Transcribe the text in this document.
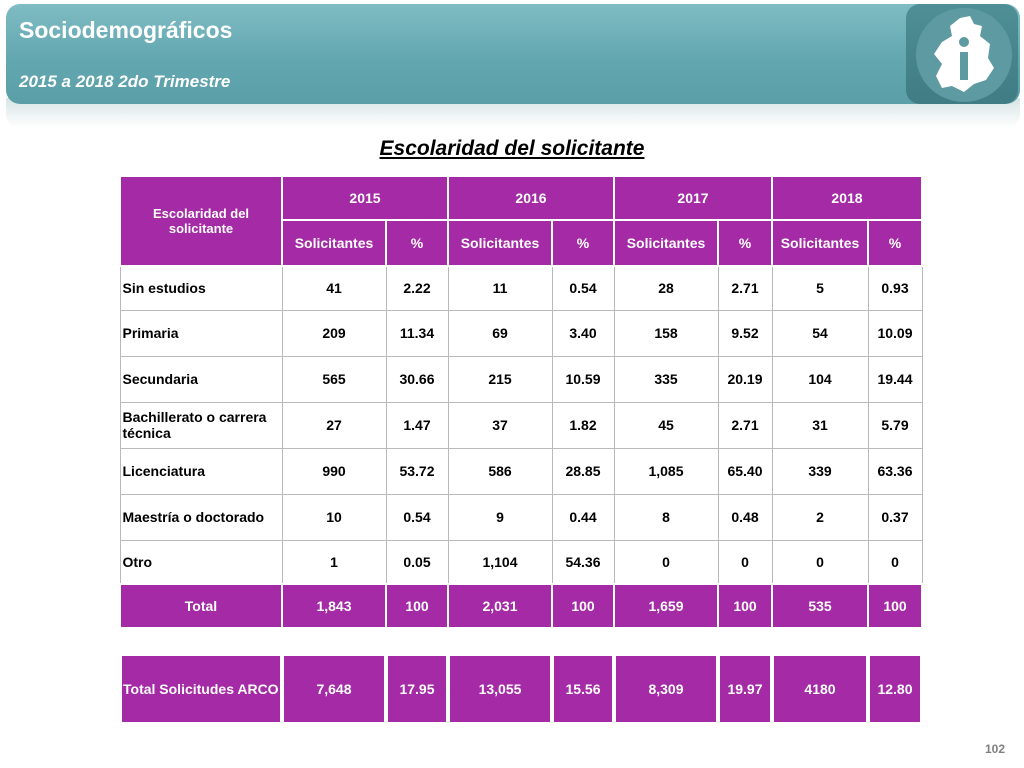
Sociodemográficos
2015 a 2018 2do Trimestre
Escolaridad del solicitante
Escolaridad del solicitante	2015		2016		2017		2018	
	Solicitantes	%	Solicitantes	%	Solicitantes	%	Solicitantes	%
Sin estudios	41	2.22	11	0.54	28	2.71	5	0.93
Primaria	209	11.34	69	3.40	158	9.52	54	10.09
Secundaria	565	30.66	215	10.59	335	20.19	104	19.44
Bachillerato o carrera técnica	27	1.47	37	1.82	45	2.71	31	5.79
Licenciatura	990	53.72	586	28.85	1,085	65.40	339	63.36
Maestría o doctorado	10	0.54	9	0.44	8	0.48	2	0.37
Otro	1	0.05	1,104	54.36	0	0	0	0
Total	1,843	100	2,031	100	1,659	100	535	100
Total Solicitudes ARCO	7,648	17.95	13,055	15.56	8,309	19.97	4180	12.80
102
